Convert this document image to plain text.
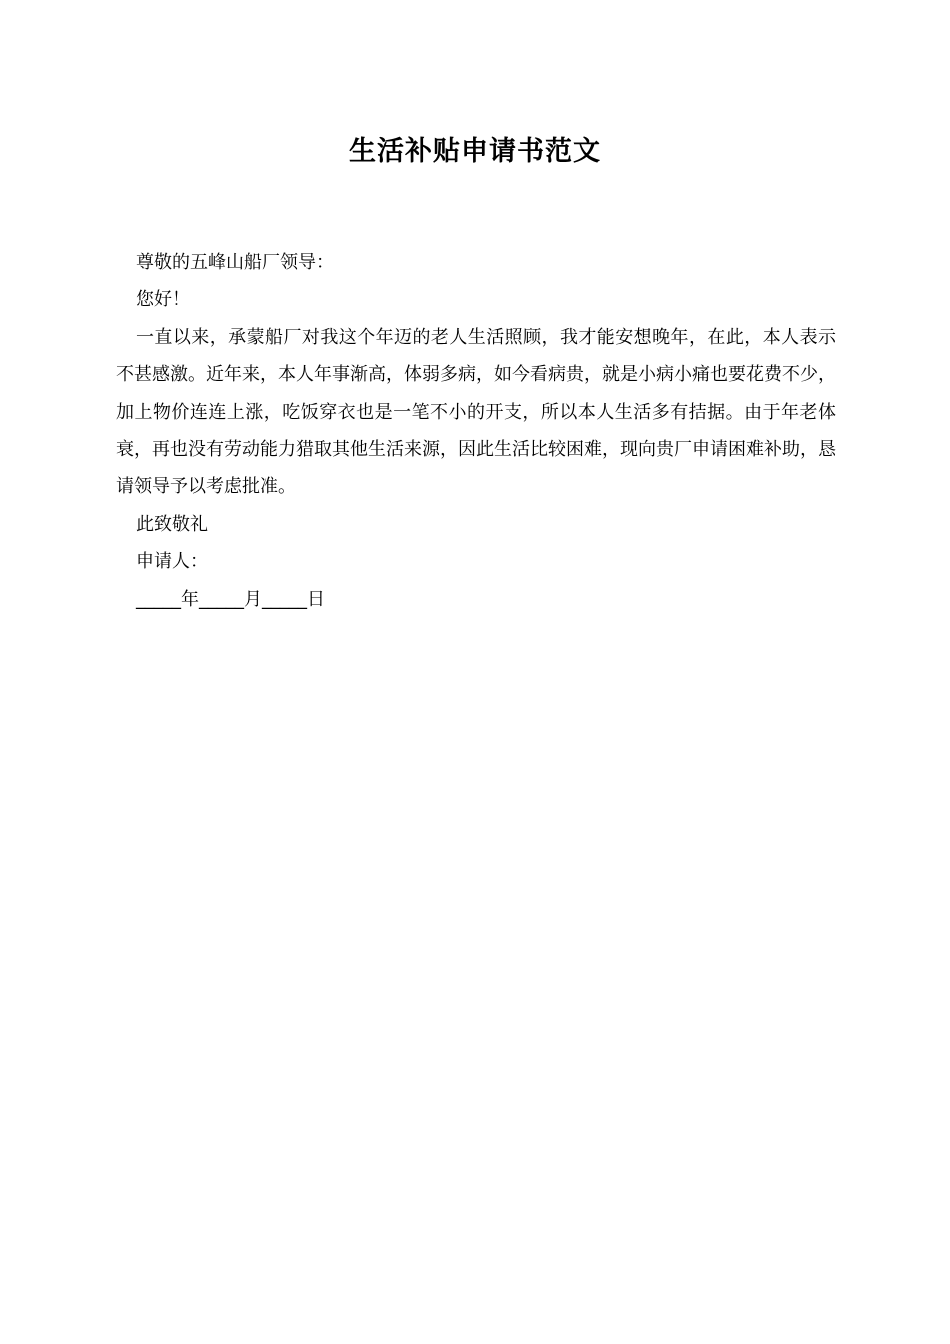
生活补贴申请书范文

尊敬的五峰山船厂领导：

您好！

一直以来，承蒙船厂对我这个年迈的老人生活照顾，我才能安想晚年，在此，本人表示不甚感激。近年来，本人年事渐高，体弱多病，如今看病贵，就是小病小痛也要花费不少，加上物价连连上涨，吃饭穿衣也是一笔不小的开支，所以本人生活多有拮据。由于年老体衰，再也没有劳动能力猎取其他生活来源，因此生活比较困难，现向贵厂申请困难补助，恳请领导予以考虑批准。

此致敬礼

申请人：

_____年_____月_____日
